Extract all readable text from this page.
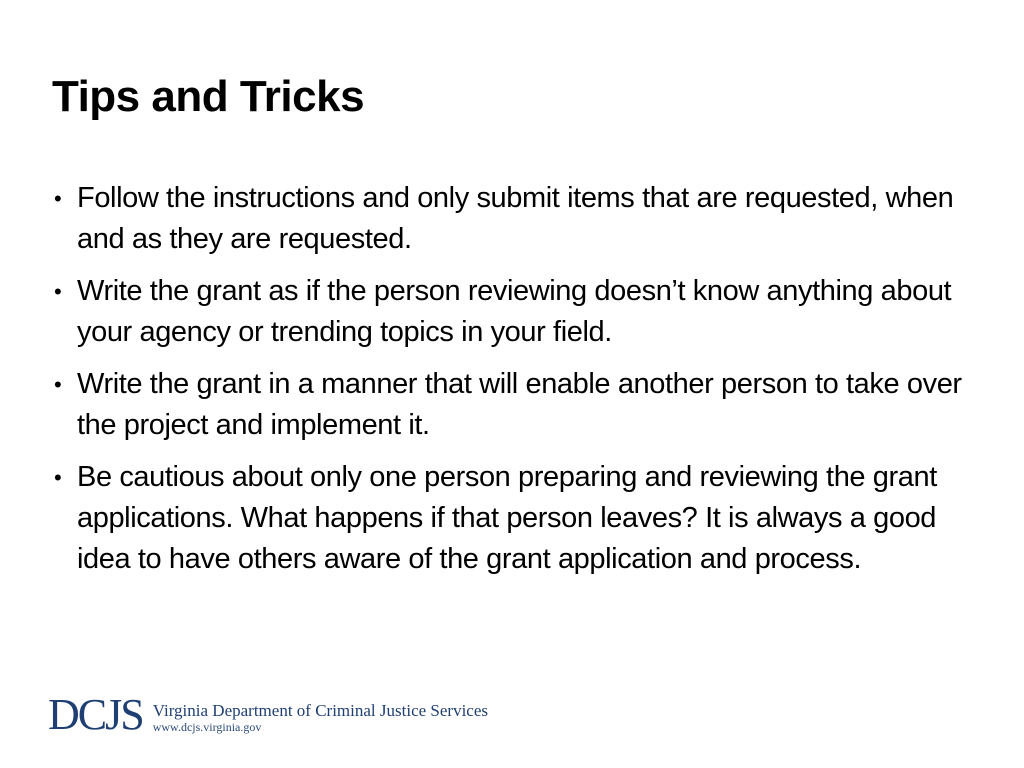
Tips and Tricks
• Follow the instructions and only submit items that are requested, when and as they are requested.
• Write the grant as if the person reviewing doesn’t know anything about your agency or trending topics in your field.
• Write the grant in a manner that will enable another person to take over the project and implement it.
• Be cautious about only one person preparing and reviewing the grant applications. What happens if that person leaves? It is always a good idea to have others aware of the grant application and process.
DCJS Virginia Department of Criminal Justice Services
www.dcjs.virginia.gov
